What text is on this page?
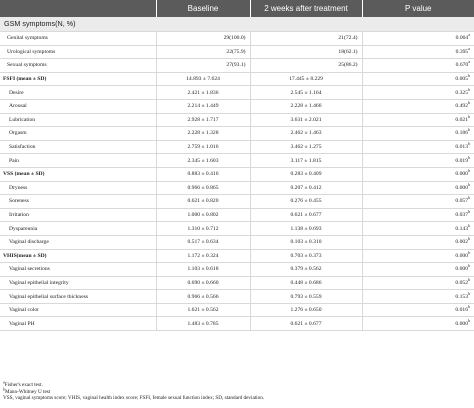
	Baseline	2 weeks after treatment	P value
GSM symptoms(N, %)			
Genital symptoms	29(100.0)	21(72.4)	0.004$^a$
Urological symptoms	22(75.9)	18(62.1)	0.395$^a$
Sexual symptoms	27(93.1)	25(86.2)	0.670$^a$
FSFI (mean ± SD)	14.893 ± 7.624	17.445 ± 8.229	0.005$^b$
Desire	2.421 ± 1.836	2.545 ± 1.164	0.325$^b$
Arousal	2.214 ± 1.449	2.228 ± 1.466	0.492$^b$
Lubrication	2.928 ± 1.717	3.631 ± 2.021	0.021$^b$
Orgasm	2.228 ± 1.328	2.462 ± 1.463	0.186$^b$
Satisfaction	2.759 ± 1.016	3.462 ± 1.275	0.013$^b$
Pain	2.345 ± 1.603	3.117 ± 1.815	0.019$^b$
VSS (mean ± SD)	0.883 ± 0.416	0.283 ± 0.409	0.000$^b$
Dryness	0.966 ± 0.865	0.207 ± 0.412	0.000$^b$
Soreness	0.621 ± 0.820	0.276 ± 0.455	0.057$^b$
Irritation	1.000 ± 0.802	0.621 ± 0.677	0.037$^b$
Dyspareunia	1.310 ± 0.712	1.138 ± 0.693	0.143$^b$
Vaginal discharge	0.517 ± 0.634	0.103 ± 0.310	0.002$^b$
VHIS(mean ± SD)	1.172 ± 0.324	0.703 ± 0.373	0.000$^b$
Vaginal secretions	1.103 ± 0.618	0.379 ± 0.562	0.000$^b$
Vaginal epithelial integrity	0.690 ± 0.660	0.448 ± 0.686	0.052$^b$
Vaginal epithelial surface thickness	0.966 ± 0.566	0.793 ± 0.559	0.153$^b$
Vaginal color	1.621 ± 0.562	1.276 ± 0.650	0.016$^b$
Vaginal PH	1.483 ± 0.785	0.621 ± 0.677	0.000$^b$
$^a$Fisher's exact test.
$^b$Mann-Whitney U test
VSS, vaginal symptoms score; VHIS, vaginal health index score; FSFI, female sexual function index; SD, standard deviation.
